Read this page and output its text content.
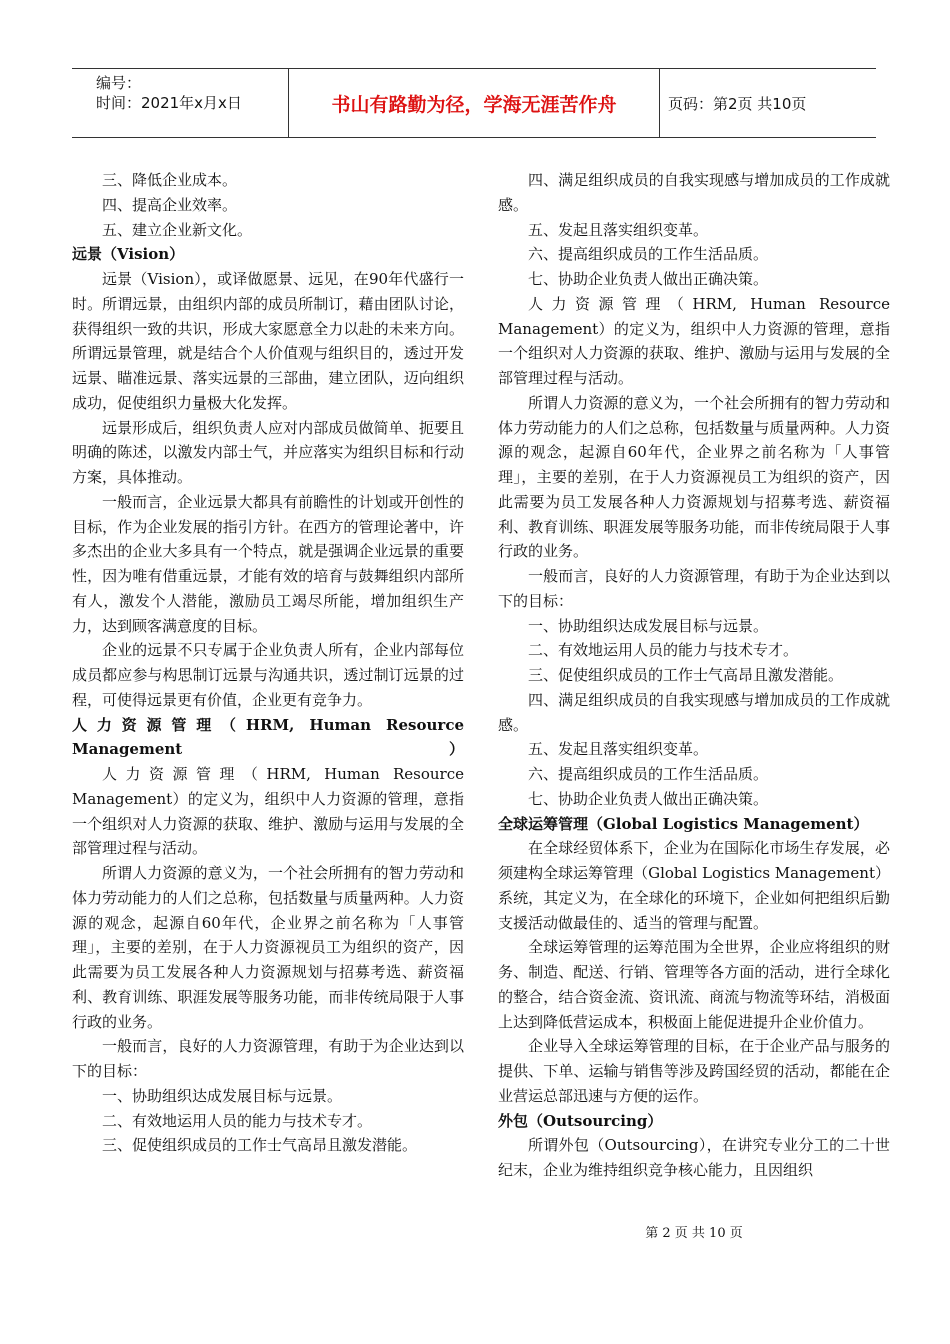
编号：
时间：2021年x月x日	书山有路勤为径，学海无涯苦作舟	页码：第2页 共10页

三、降低企业成本。

四、提高企业效率。

五、建立企业新文化。

远景（Vision）

远景（Vision），或译做愿景、远见，在90年代盛行一时。所谓远景，由组织内部的成员所制订，藉由团队讨论，获得组织一致的共识，形成大家愿意全力以赴的未来方向。所谓远景管理，就是结合个人价值观与组织目的，透过开发远景、瞄准远景、落实远景的三部曲，建立团队，迈向组织成功，促使组织力量极大化发挥。

远景形成后，组织负责人应对内部成员做简单、扼要且明确的陈述，以激发内部士气，并应落实为组织目标和行动方案，具体推动。

一般而言，企业远景大都具有前瞻性的计划或开创性的目标，作为企业发展的指引方针。在西方的管理论著中，许多杰出的企业大多具有一个特点，就是强调企业远景的重要性，因为唯有借重远景，才能有效的培育与鼓舞组织内部所有人，激发个人潜能，激励员工竭尽所能，增加组织生产力，达到顾客满意度的目标。

企业的远景不只专属于企业负责人所有，企业内部每位成员都应参与构思制订远景与沟通共识，透过制订远景的过程，可使得远景更有价值，企业更有竞争力。

人力资源管理（HRM, Human Resource Management）

人力资源管理（HRM, Human Resource Management）的定义为，组织中人力资源的管理，意指一个组织对人力资源的获取、维护、激励与运用与发展的全部管理过程与活动。

所谓人力资源的意义为，一个社会所拥有的智力劳动和体力劳动能力的人们之总称，包括数量与质量两种。人力资源的观念，起源自60年代，企业界之前名称为「人事管理」，主要的差别，在于人力资源视员工为组织的资产，因此需要为员工发展各种人力资源规划与招募考选、薪资福利、教育训练、职涯发展等服务功能，而非传统局限于人事行政的业务。

一般而言，良好的人力资源管理，有助于为企业达到以下的目标：

一、协助组织达成发展目标与远景。

二、有效地运用人员的能力与技术专才。

三、促使组织成员的工作士气高昂且激发潜能。

四、满足组织成员的自我实现感与增加成员的工作成就感。

五、发起且落实组织变革。

六、提高组织成员的工作生活品质。

七、协助企业负责人做出正确决策。

人力资源管理（HRM, Human Resource Management）的定义为，组织中人力资源的管理，意指一个组织对人力资源的获取、维护、激励与运用与发展的全部管理过程与活动。

所谓人力资源的意义为，一个社会所拥有的智力劳动和体力劳动能力的人们之总称，包括数量与质量两种。人力资源的观念，起源自60年代，企业界之前名称为「人事管理」，主要的差别，在于人力资源视员工为组织的资产，因此需要为员工发展各种人力资源规划与招募考选、薪资福利、教育训练、职涯发展等服务功能，而非传统局限于人事行政的业务。

一般而言，良好的人力资源管理，有助于为企业达到以下的目标：

一、协助组织达成发展目标与远景。

二、有效地运用人员的能力与技术专才。

三、促使组织成员的工作士气高昂且激发潜能。

四、满足组织成员的自我实现感与增加成员的工作成就感。

五、发起且落实组织变革。

六、提高组织成员的工作生活品质。

七、协助企业负责人做出正确决策。

全球运筹管理（Global Logistics Management）

在全球经贸体系下，企业为在国际化市场生存发展，必须建构全球运筹管理（Global Logistics Management）系统，其定义为，在全球化的环境下，企业如何把组织后勤支援活动做最佳的、适当的管理与配置。

全球运筹管理的运筹范围为全世界，企业应将组织的财务、制造、配送、行销、管理等各方面的活动，进行全球化的整合，结合资金流、资讯流、商流与物流等环结，消极面上达到降低营运成本，积极面上能促进提升企业价值力。

企业导入全球运筹管理的目标，在于企业产品与服务的提供、下单、运输与销售等涉及跨国经贸的活动，都能在企业营运总部迅速与方便的运作。

外包（Outsourcing）

所谓外包（Outsourcing），在讲究专业分工的二十世纪末，企业为维持组织竞争核心能力，且因组织

第 2 页 共 10 页
